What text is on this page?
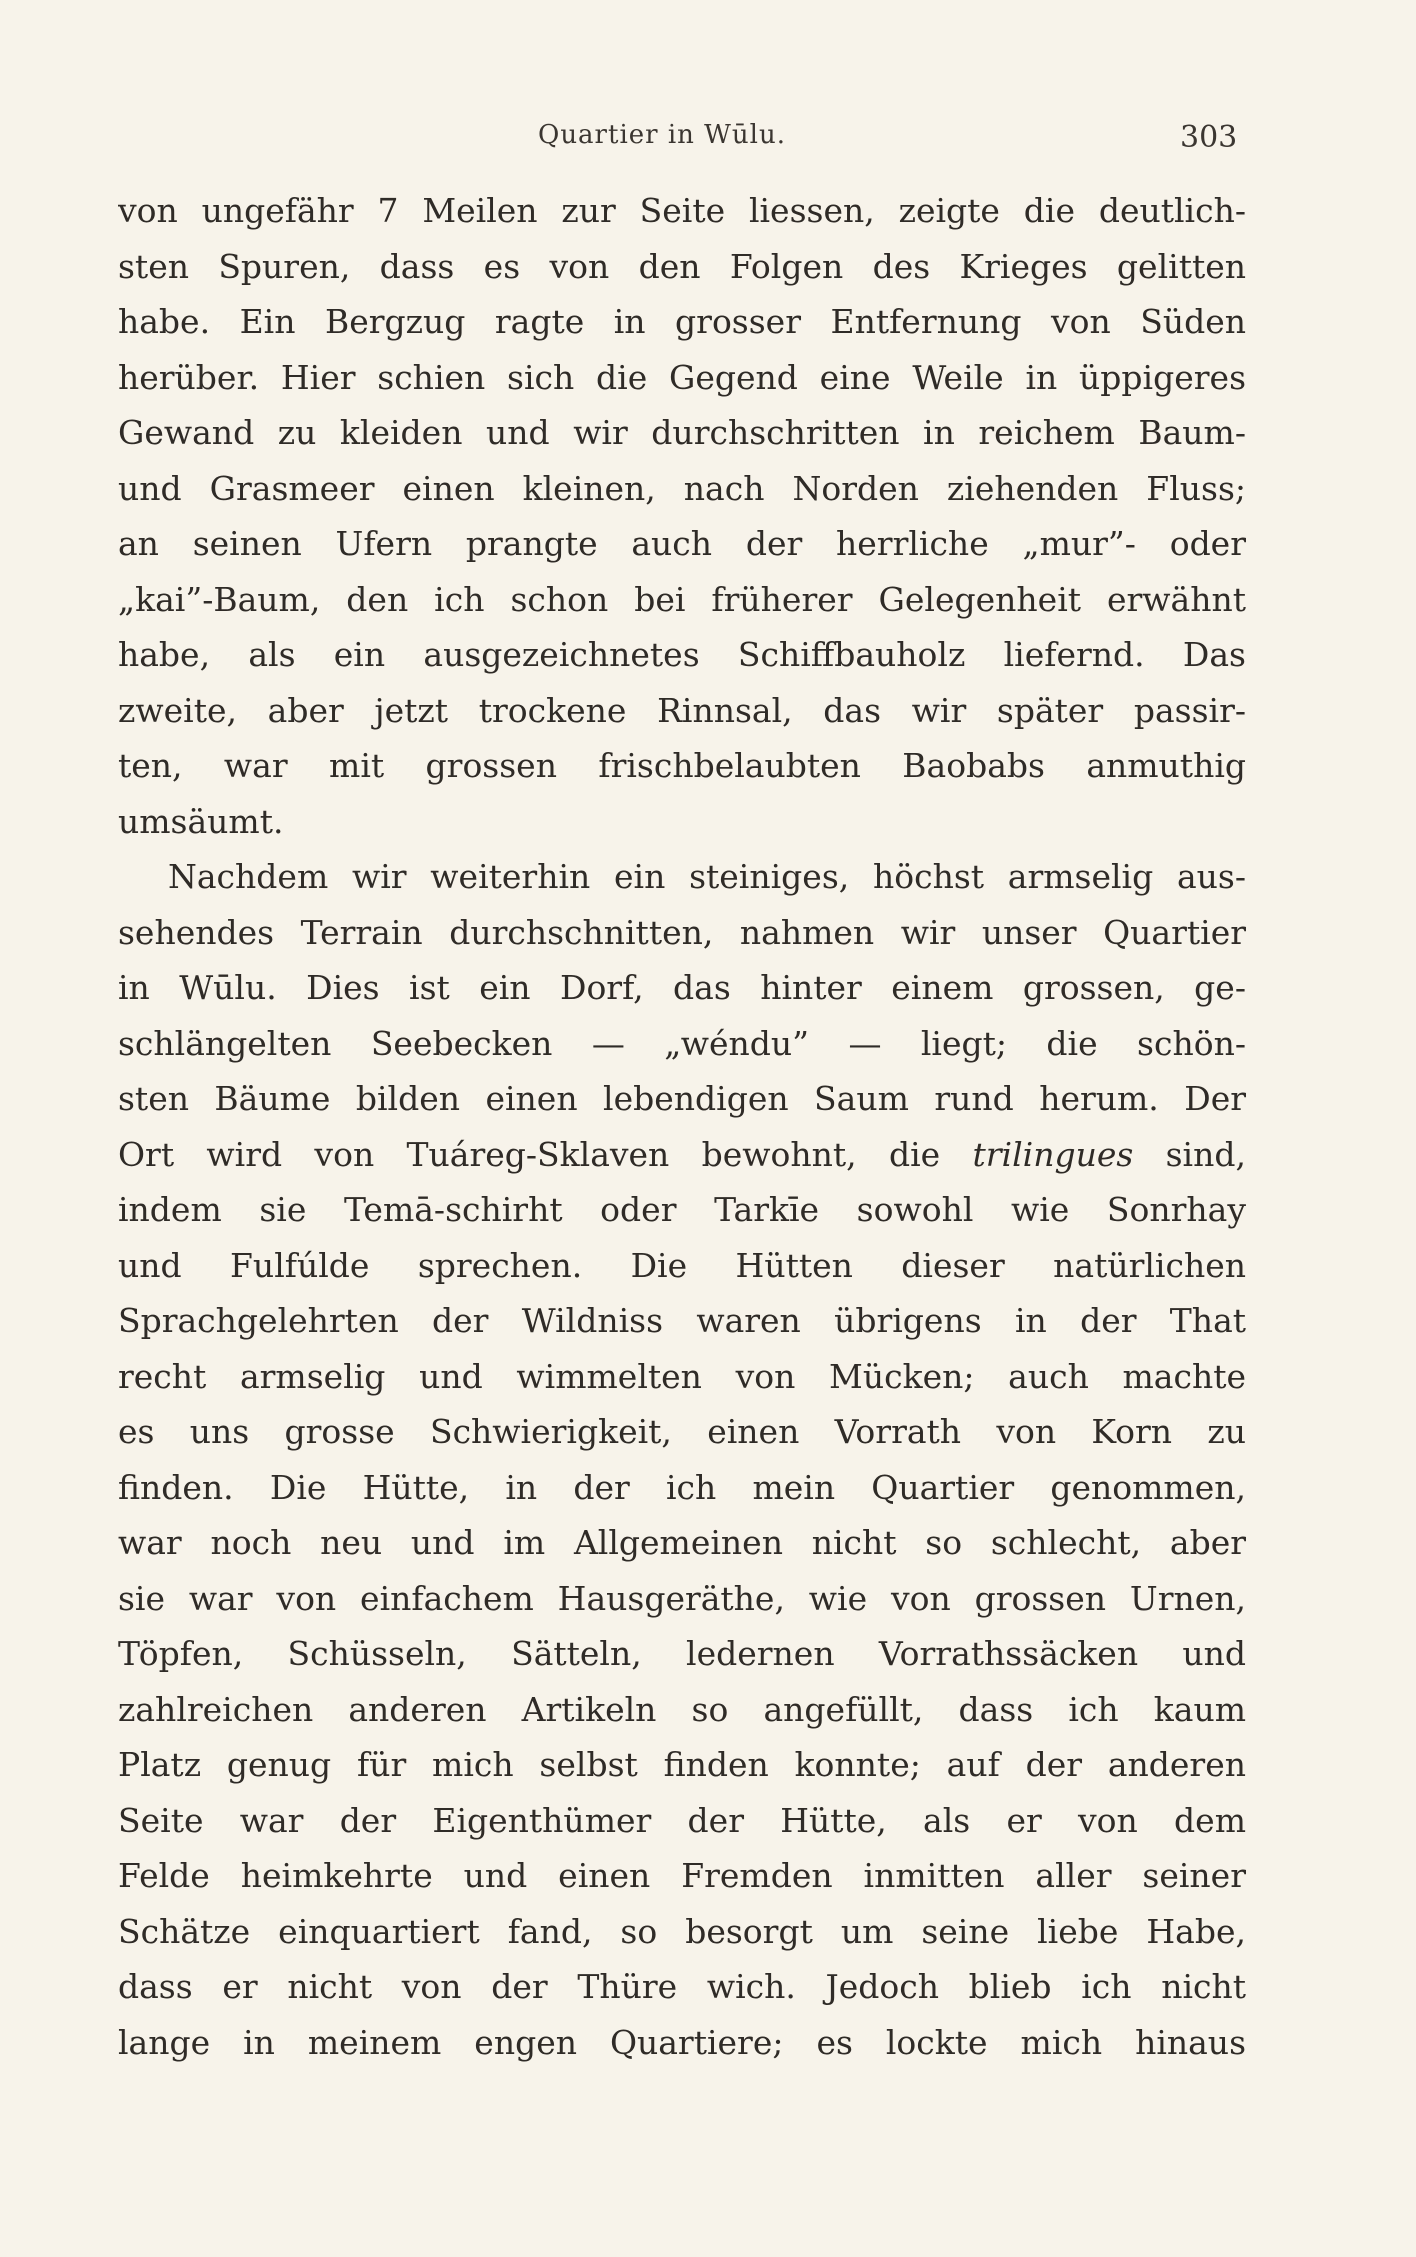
Quartier in Wūlu.	303
von ungefähr 7 Meilen zur Seite liessen, zeigte die deutlich-
sten Spuren, dass es von den Folgen des Krieges gelitten
habe. Ein Bergzug ragte in grosser Entfernung von Süden
herüber. Hier schien sich die Gegend eine Weile in üppigeres
Gewand zu kleiden und wir durchschritten in reichem Baum-
und Grasmeer einen kleinen, nach Norden ziehenden Fluss;
an seinen Ufern prangte auch der herrliche „mur”- oder
„kai”-Baum, den ich schon bei früherer Gelegenheit erwähnt
habe, als ein ausgezeichnetes Schiffbauholz liefernd. Das
zweite, aber jetzt trockene Rinnsal, das wir später passir-
ten, war mit grossen frischbelaubten Baobabs anmuthig
umsäumt.
Nachdem wir weiterhin ein steiniges, höchst armselig aus-
sehendes Terrain durchschnitten, nahmen wir unser Quartier
in Wūlu. Dies ist ein Dorf, das hinter einem grossen, ge-
schlängelten Seebecken — „wéndu” — liegt; die schön-
sten Bäume bilden einen lebendigen Saum rund herum. Der
Ort wird von Tuáreg-Sklaven bewohnt, die trilingues sind,
indem sie Temā-schirht oder Tarkīe sowohl wie Sonrhay
und Fulfúlde sprechen. Die Hütten dieser natürlichen
Sprachgelehrten der Wildniss waren übrigens in der That
recht armselig und wimmelten von Mücken; auch machte
es uns grosse Schwierigkeit, einen Vorrath von Korn zu
finden. Die Hütte, in der ich mein Quartier genommen,
war noch neu und im Allgemeinen nicht so schlecht, aber
sie war von einfachem Hausgeräthe, wie von grossen Urnen,
Töpfen, Schüsseln, Sätteln, ledernen Vorrathssäcken und
zahlreichen anderen Artikeln so angefüllt, dass ich kaum
Platz genug für mich selbst finden konnte; auf der anderen
Seite war der Eigenthümer der Hütte, als er von dem
Felde heimkehrte und einen Fremden inmitten aller seiner
Schätze einquartiert fand, so besorgt um seine liebe Habe,
dass er nicht von der Thüre wich. Jedoch blieb ich nicht
lange in meinem engen Quartiere; es lockte mich hinaus
